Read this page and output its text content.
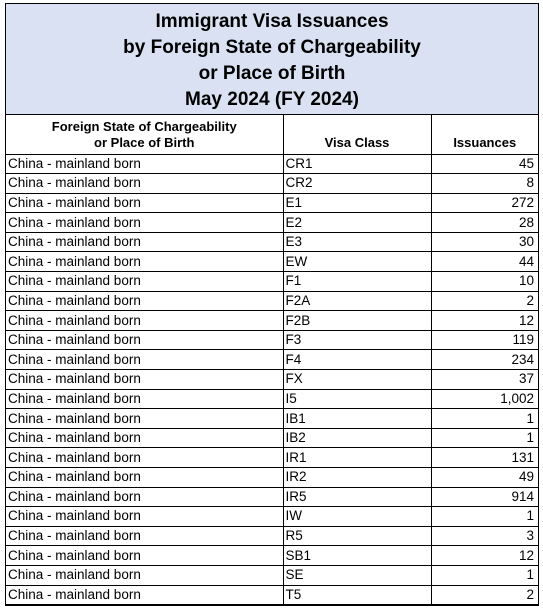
Immigrant Visa Issuances
by Foreign State of Chargeability
or Place of Birth
May 2024 (FY 2024)
Foreign State of Chargeability
or Place of Birth	Visa Class	Issuances
China - mainland born	CR1	45
China - mainland born	CR2	8
China - mainland born	E1	272
China - mainland born	E2	28
China - mainland born	E3	30
China - mainland born	EW	44
China - mainland born	F1	10
China - mainland born	F2A	2
China - mainland born	F2B	12
China - mainland born	F3	119
China - mainland born	F4	234
China - mainland born	FX	37
China - mainland born	I5	1,002
China - mainland born	IB1	1
China - mainland born	IB2	1
China - mainland born	IR1	131
China - mainland born	IR2	49
China - mainland born	IR5	914
China - mainland born	IW	1
China - mainland born	R5	3
China - mainland born	SB1	12
China - mainland born	SE	1
China - mainland born	T5	2
